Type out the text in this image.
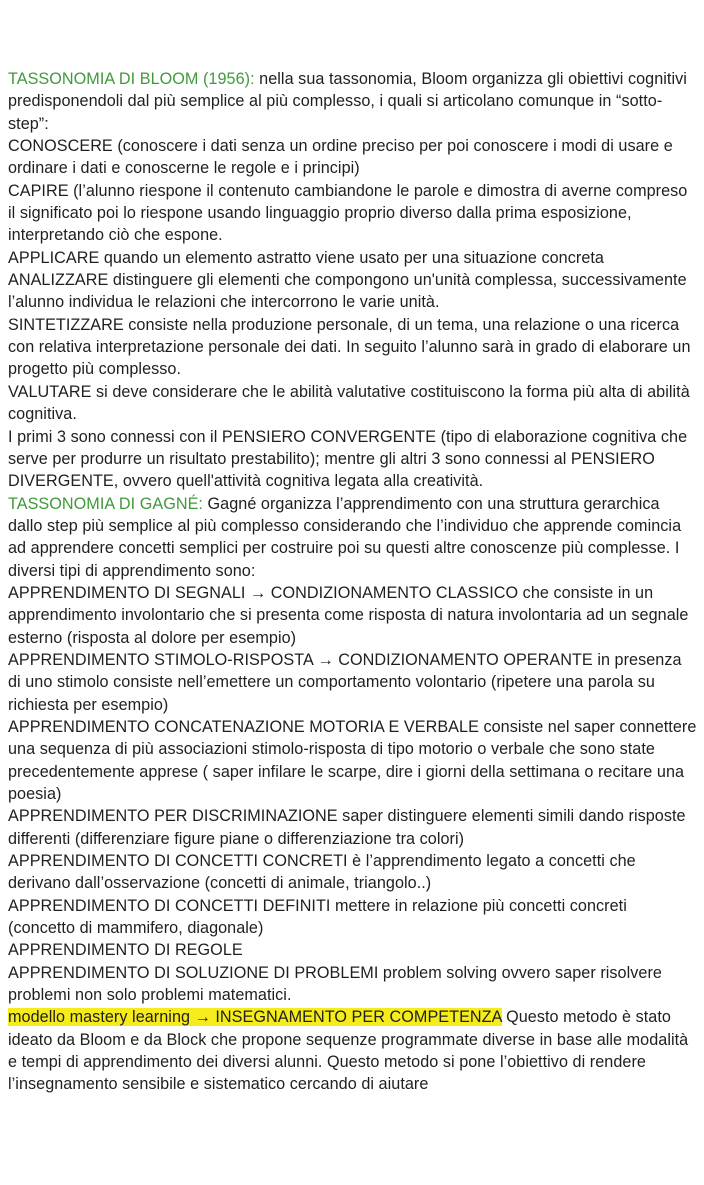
TASSONOMIA DI BLOOM (1956): nella sua tassonomia, Bloom organizza gli obiettivi cognitivi predisponendoli dal più semplice al più complesso, i quali si articolano comunque in “sotto-step”:

CONOSCERE (conoscere i dati senza un ordine preciso per poi conoscere i modi di usare e ordinare i dati e conoscerne le regole e i principi)

CAPIRE (l’alunno riespone il contenuto cambiandone le parole e dimostra di averne compreso il significato poi lo riespone usando linguaggio proprio diverso dalla prima esposizione, interpretando ciò che espone.

APPLICARE quando un elemento astratto viene usato per una situazione concreta

ANALIZZARE distinguere gli elementi che compongono un'unità complessa, successivamente l’alunno individua le relazioni che intercorrono le varie unità.

SINTETIZZARE consiste nella produzione personale, di un tema, una relazione o una ricerca con relativa interpretazione personale dei dati. In seguito l’alunno sarà in grado di elaborare un progetto più complesso.

VALUTARE si deve considerare che le abilità valutative costituiscono la forma più alta di abilità cognitiva.

I primi 3 sono connessi con il PENSIERO CONVERGENTE (tipo di elaborazione cognitiva che serve per produrre un risultato prestabilito); mentre gli altri 3 sono connessi al PENSIERO DIVERGENTE, ovvero quell'attività cognitiva legata alla creatività.

TASSONOMIA DI GAGNÉ: Gagné organizza l’apprendimento con una struttura gerarchica dallo step più semplice al più complesso considerando che l’individuo che apprende comincia ad apprendere concetti semplici per costruire poi su questi altre conoscenze più complesse. I diversi tipi di apprendimento sono:

APPRENDIMENTO DI SEGNALI → CONDIZIONAMENTO CLASSICO che consiste in un apprendimento involontario che si presenta come risposta di natura involontaria ad un segnale esterno (risposta al dolore per esempio)

APPRENDIMENTO STIMOLO-RISPOSTA → CONDIZIONAMENTO OPERANTE in presenza di uno stimolo consiste nell’emettere un comportamento volontario (ripetere una parola su richiesta per esempio)

APPRENDIMENTO CONCATENAZIONE MOTORIA E VERBALE consiste nel saper connettere una sequenza di più associazioni stimolo-risposta di tipo motorio o verbale che sono state precedentemente apprese ( saper infilare le scarpe, dire i giorni della settimana o recitare una poesia)

APPRENDIMENTO PER DISCRIMINAZIONE saper distinguere elementi simili dando risposte differenti (differenziare figure piane o differenziazione tra colori)

APPRENDIMENTO DI CONCETTI CONCRETI è l’apprendimento legato a concetti che derivano dall’osservazione (concetti di animale, triangolo..)

APPRENDIMENTO DI CONCETTI DEFINITI mettere in relazione più concetti concreti (concetto di mammifero, diagonale)

APPRENDIMENTO DI REGOLE

APPRENDIMENTO DI SOLUZIONE DI PROBLEMI problem solving ovvero saper risolvere problemi non solo problemi matematici.

modello mastery learning → INSEGNAMENTO PER COMPETENZA Questo metodo è stato ideato da Bloom e da Block che propone sequenze programmate diverse in base alle modalità e tempi di apprendimento dei diversi alunni. Questo metodo si pone l’obiettivo di rendere l’insegnamento sensibile e sistematico cercando di aiutare
